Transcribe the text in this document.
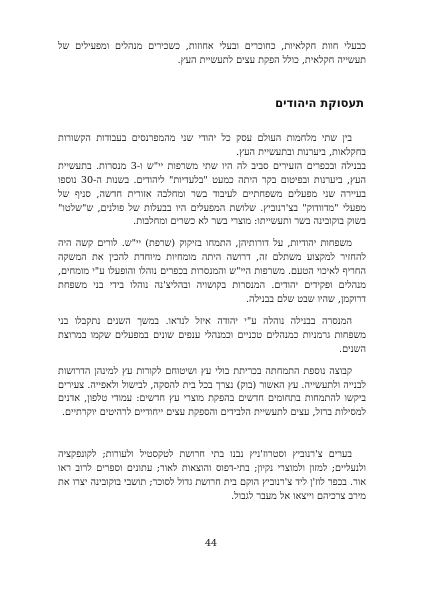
כבעלי חוות חקלאיות, כחוכרים ובעלי אחוזות, כשכירים מנהלים ומפעילים של תעשייה חקלאית, כולל הפקת עצים לתעשיית העץ.

תעסוקת היהודים

בין שתי מלחמות העולם עסק כל יהודי שני מהמפרנסים בעבודות הקשורות בחקלאות, ביערנות ובתעשיית העץ.

בבנילה ובכפרים הזעירים סביב לה היו שתי משרפות יי"ש ו-3 מנסרות. בתעשיית העץ, ביערנות ובפיטום בקר היתה כמעט "בלעדיות" ליהודים. בשנות ה-30 נוספו בעיירה שני מפעלים משפחתיים לעיבוד בשר ומחלבה אזורית חדשה, סניף של מפעלי "מדוודוק" בצ'רנוביץ. שלושת המפעלים היו בבעלות של פולנים, ש"שלטו" בשוק בוקובינה בשר ותעשייתו: מוצרי בשר לא כשרים ומחלבות.

משפחות יהודיות, על דורותיהן, התמחו בזיקוק (שרפת) יי"ש. לורים קשה היה להחזיר למקצוע משתלם זה, דרושה היתה מומחיות מיוחדת להכין את המשקה החריף לאיכוי הטעם. משרפות היי"ש והמנסרות בכפרים נוהלו והופעלו ע"י מומחים, מנהלים ופקידים יהודים. המנסרות בקושויה ובהליצ'נה נוהלו בידי בני משפחת דרוקמן, שהיו שבט שלם בבנילה.

המנסרה בבנילה נוהלה ע"י יהודה איזל לנדאו. במשך השנים נתקבלו בני משפחות גרמניות כמנהלים טכניים וכמנהלי ענפים שונים במפעלים שקמו במרוצת השנים.

קבוצה נוספת התמחתה בכריתת בולי עץ ושיטוחם לקורות עץ למינהן הדרושות לבנייה ולתעשייה. עץ האשור (בוק) נצרך בכל בית להסקה, לבישול ולאפייה. צעירים ביקשו להתמחות בתחומים חדשים בהפקת מוצרי עץ חדשים: עמודי טלפון, אדנים למסילות ברזל, עצים לתעשיית הלבידים והספקת עצים ייחודיים לרהיטים יוקרתיים.

בערים צ'רנוביץ וסטרוז'ניץ נבנו בתי חרושת לטקסטיל ולעורות; לקונפקציה ולנעליים; למזון ולמוצרי נקיון; בתי-דפוס והוצאות לאור; עתונים וספרים לרוב ראו אור. בכפר לוז'ן ליד צ'רנוביץ הוקם בית חרושת גדול לסוכר; תושבי בוקובינה יצרו את מירב צרכיהם וייצאו אל מעבר לגבול.

44
